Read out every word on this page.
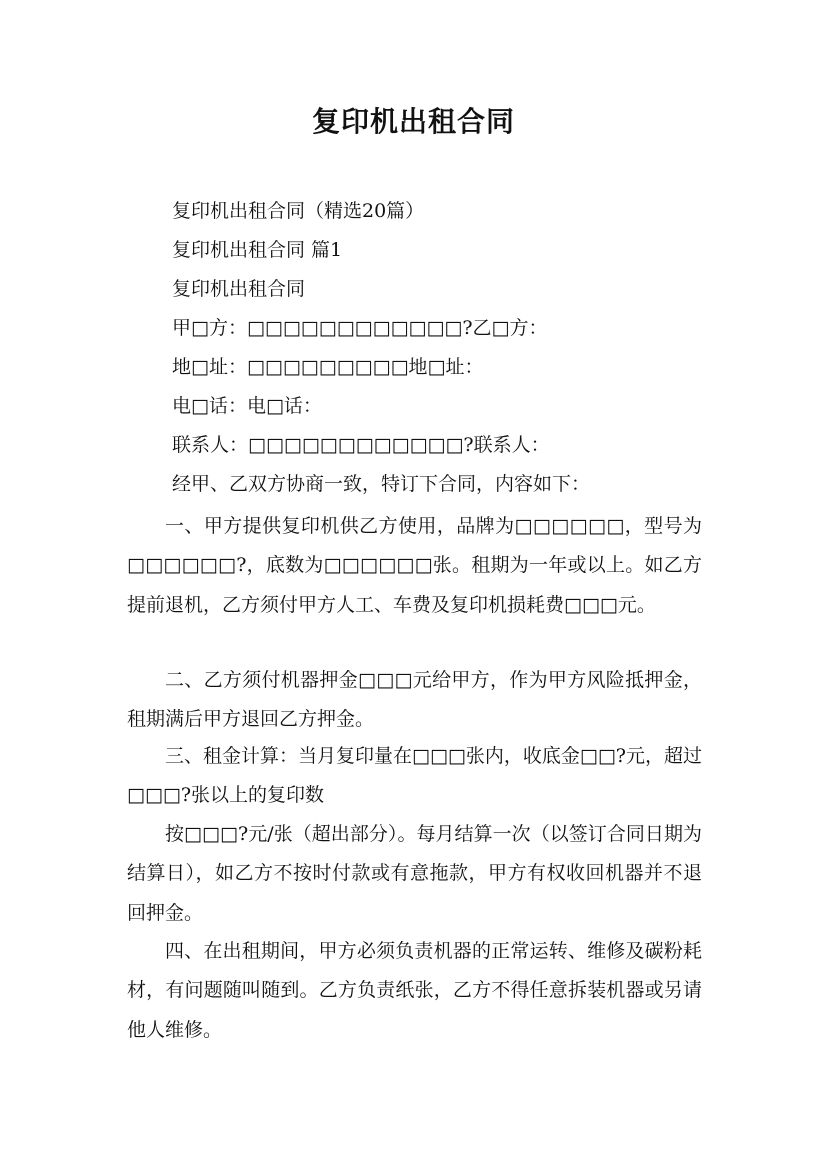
复印机出租合同
复印机出租合同（精选20篇）
复印机出租合同 篇1
复印机出租合同
甲□方：□□□□□□□□□□□□?乙□方：
地□址：□□□□□□□□□地□址：
电□话：电□话：
联系人：□□□□□□□□□□□□?联系人：
经甲、乙双方协商一致，特订下合同，内容如下：

一、甲方提供复印机供乙方使用，品牌为□□□□□□，型号为□□□□□□?，底数为□□□□□□张。租期为一年或以上。如乙方提前退机，乙方须付甲方人工、车费及复印机损耗费□□□元。

二、乙方须付机器押金□□□元给甲方，作为甲方风险抵押金，租期满后甲方退回乙方押金。

三、租金计算：当月复印量在□□□张内，收底金□□?元，超过□□□?张以上的复印数

按□□□?元/张（超出部分）。每月结算一次（以签订合同日期为结算日），如乙方不按时付款或有意拖款，甲方有权收回机器并不退回押金。

四、在出租期间，甲方必须负责机器的正常运转、维修及碳粉耗材，有问题随叫随到。乙方负责纸张，乙方不得任意拆装机器或另请他人维修。
